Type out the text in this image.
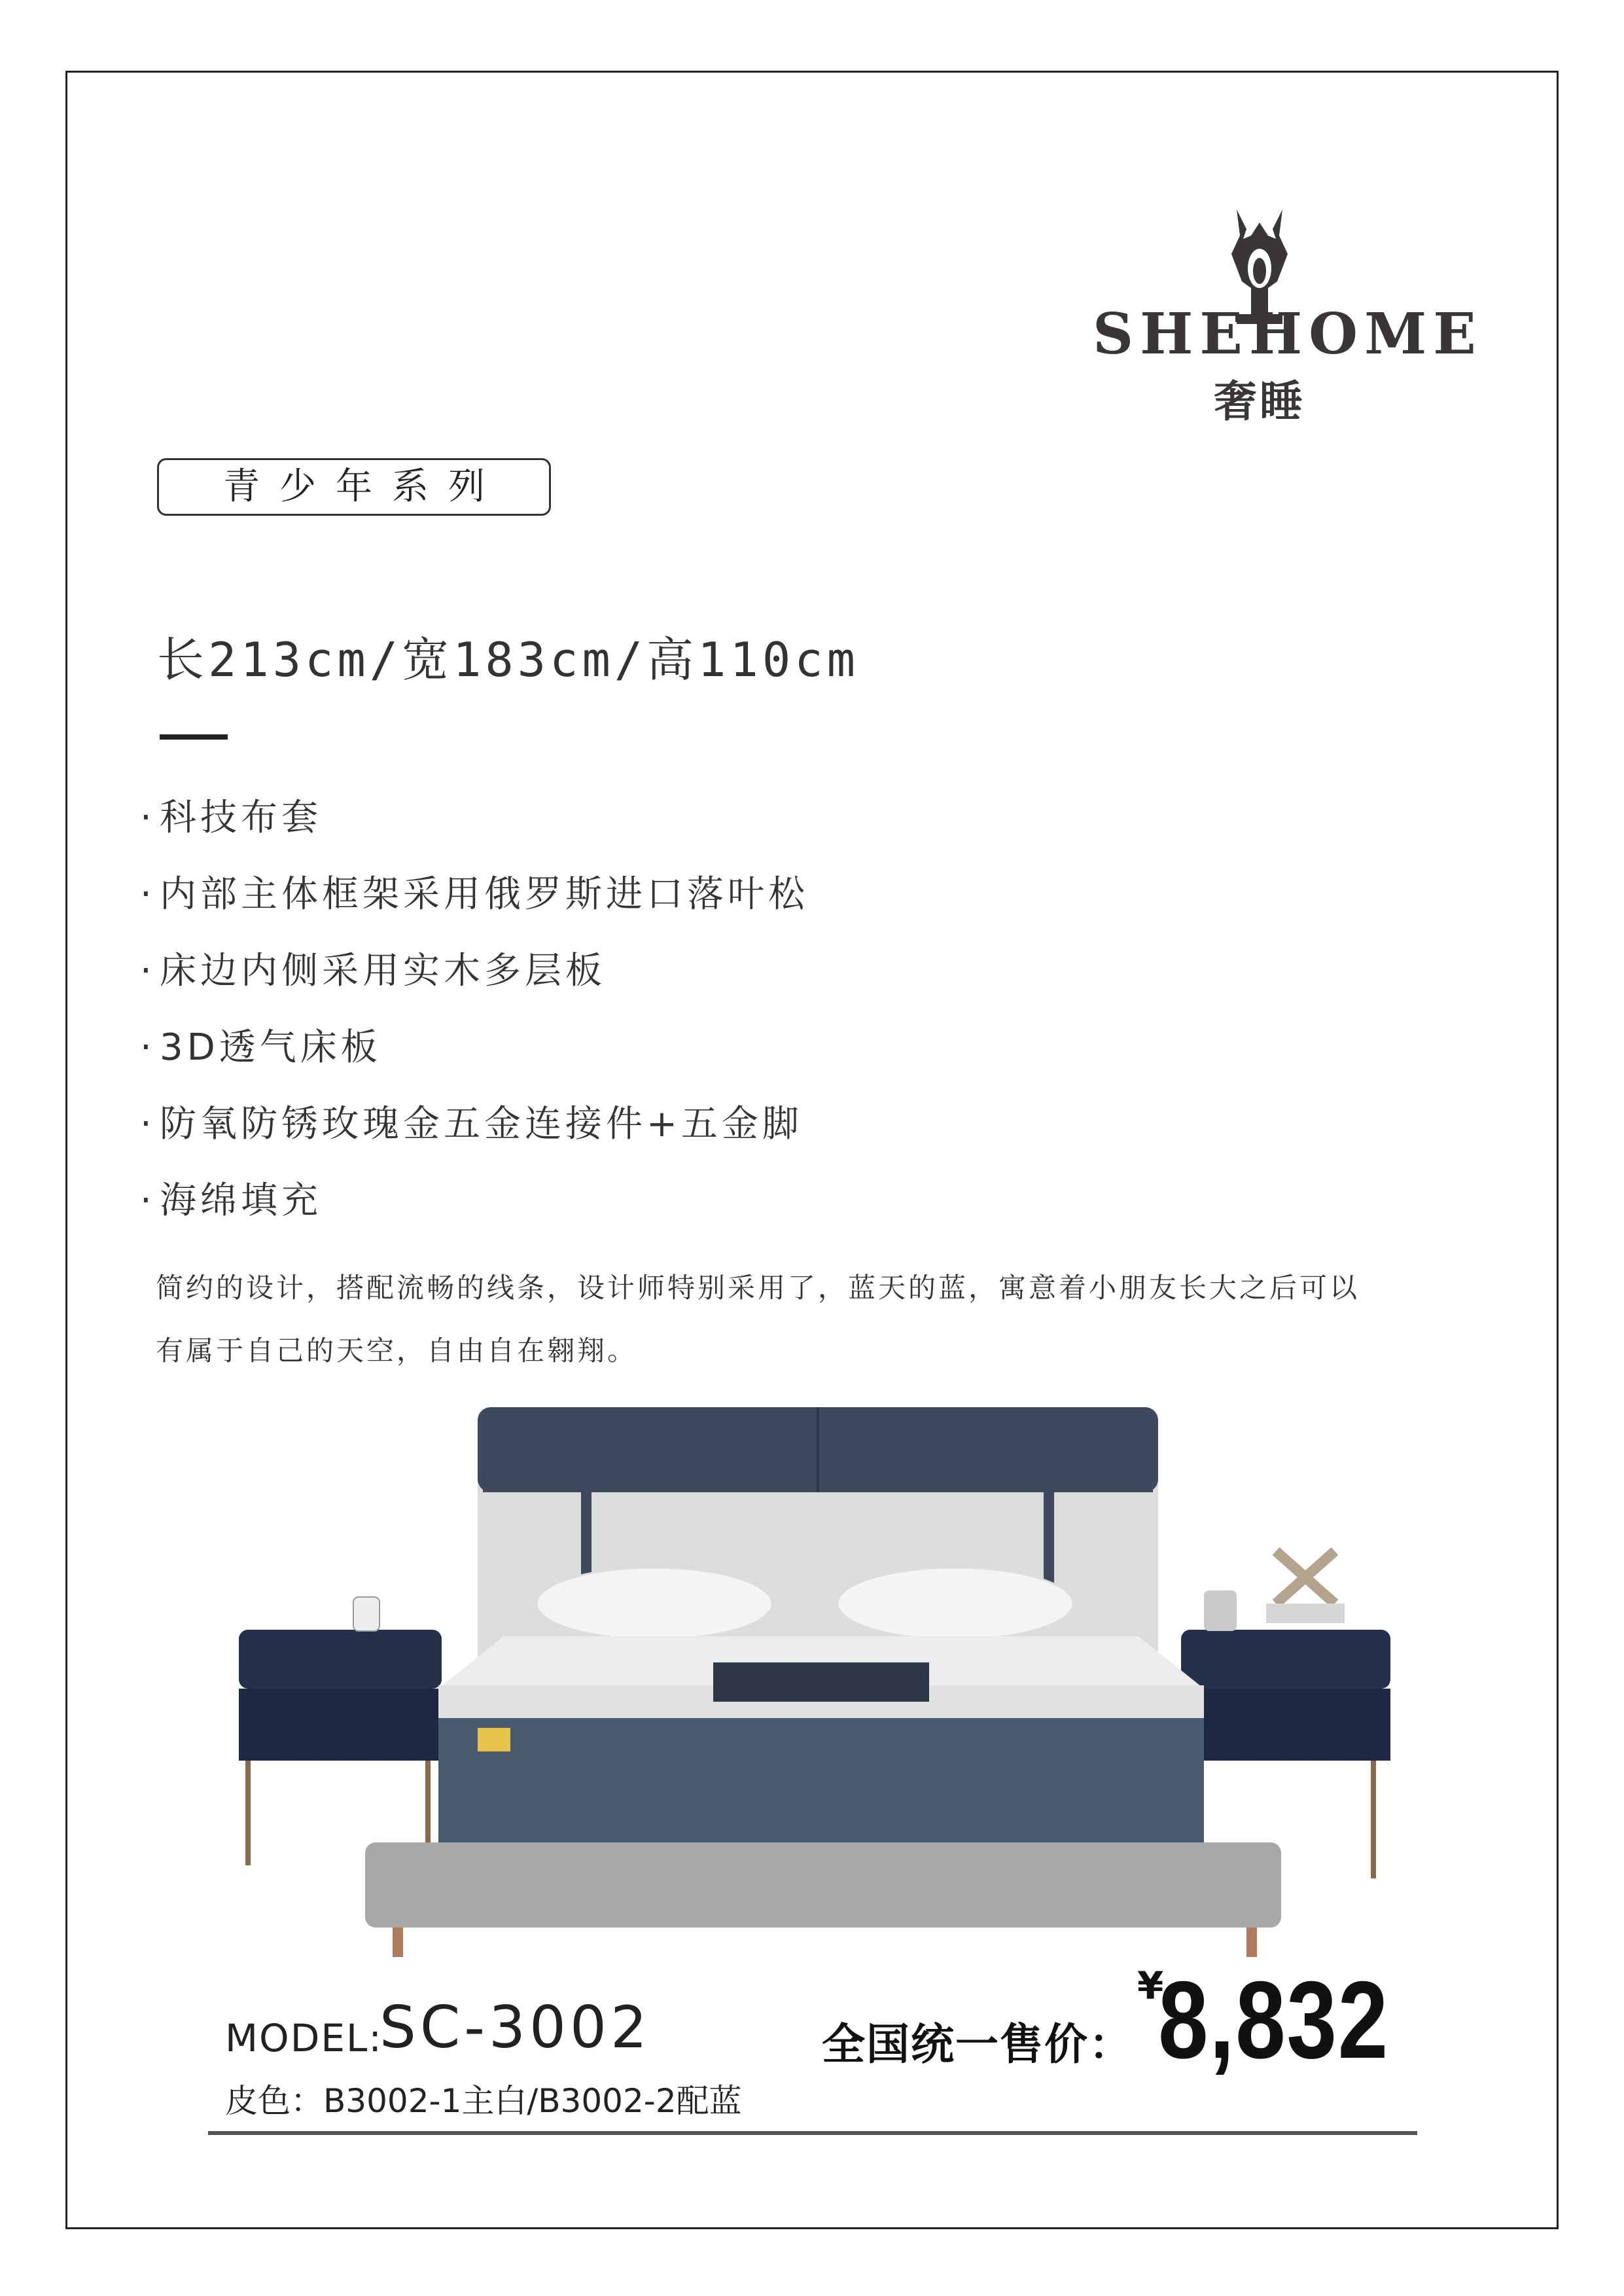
SHEHOME
奢睡
青少年系列
长213cm/宽183cm/高110cm
· 科技布套
· 内部主体框架采用俄罗斯进口落叶松
· 床边内侧采用实木多层板
· 3D透气床板
· 防氧防锈玫瑰金五金连接件+五金脚
· 海绵填充
简约的设计，搭配流畅的线条，设计师特别采用了，蓝天的蓝，寓意着小朋友长大之后可以
有属于自己的天空，自由自在翱翔。
MODEL:
SC-3002
皮色：B3002-1主白/B3002-2配蓝
全国统一售价：
¥
8,832
